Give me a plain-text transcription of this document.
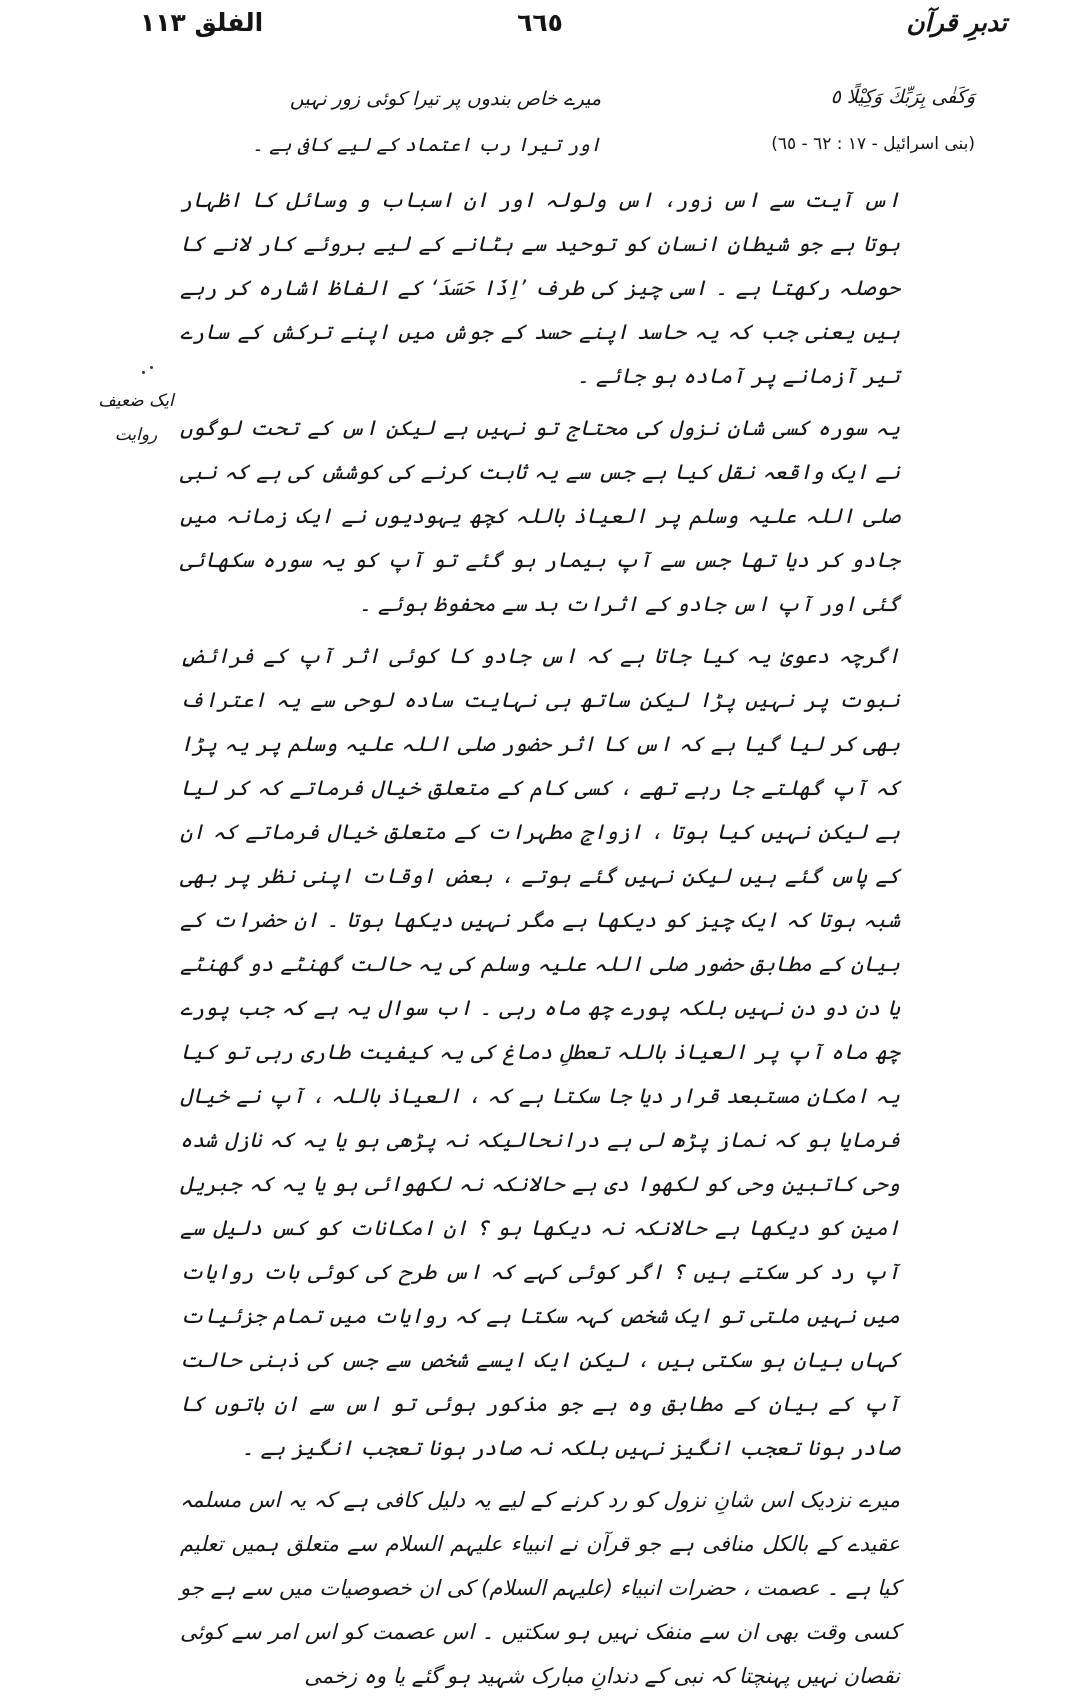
تدبرِ قرآن
٦٦٥
الفلق ١١٣
وَكَفٰى بِرَبِّكَ وَكِيْلًا ٥
(بنی اسرائیل - ١٧ : ٦٢ - ٦٥)
میرے خاص بندوں پر تیرا کوئی زور نہیں
اور تیرا رب اعتماد کے لیے کافی ہے ۔
ایک ضعیف
روایت

اس آیت سے اس زور، اس ولولہ اور ان اسباب و وسائل کا اظہار ہوتا ہے جو شیطانِ انسان کو توحید سے ہٹانے کے لیے بروئے کار لانے کا حوصلہ رکھتا ہے ۔ اسی چیز کی طرف ’اِذَا حَسَدَ‘ کے الفاظ اشارہ کر رہے ہیں یعنی جب کہ یہ حاسد اپنے حسد کے جوش میں اپنے ترکش کے سارے تیر آزمانے پر آمادہ ہو جائے ۔

یہ سورہ کسی شانِ نزول کی محتاج تو نہیں ہے لیکن اس کے تحت لوگوں نے ایک واقعہ نقل کیا ہے جس سے یہ ثابت کرنے کی کوشش کی ہے کہ نبی صلی اللہ علیہ وسلم پر العیاذ باللہ کچھ یہودیوں نے ایک زمانہ میں جادو کر دیا تھا جس سے آپ بیمار ہو گئے تو آپ کو یہ سورہ سکھائی گئی اور آپ اس جادو کے اثرات بد سے محفوظ ہوئے ۔

اگرچہ دعویٰ یہ کیا جاتا ہے کہ اس جادو کا کوئی اثر آپ کے فرائضِ نبوت پر نہیں پڑا لیکن ساتھ ہی نہایت سادہ لوحی سے یہ اعتراف بھی کر لیا گیا ہے کہ اس کا اثر حضور صلی اللہ علیہ وسلم پر یہ پڑا کہ آپ گھلتے جا رہے تھے ، کسی کام کے متعلق خیال فرماتے کہ کر لیا ہے لیکن نہیں کیا ہوتا ، ازواجِ مطہرات کے متعلق خیال فرماتے کہ ان کے پاس گئے ہیں لیکن نہیں گئے ہوتے ، بعض اوقات اپنی نظر پر بھی شبہ ہوتا کہ ایک چیز کو دیکھا ہے مگر نہیں دیکھا ہوتا ۔ ان حضرات کے بیان کے مطابق حضور صلی اللہ علیہ وسلم کی یہ حالت گھنٹے دو گھنٹے یا دن دو دن نہیں بلکہ پورے چھ ماہ رہی ۔ اب سوال یہ ہے کہ جب پورے چھ ماہ آپ پر العیاذ باللہ تعطلِ دماغ کی یہ کیفیت طاری رہی تو کیا یہ امکان مستبعد قرار دیا جا سکتا ہے کہ ، العیاذ باللہ ، آپ نے خیال فرمایا ہو کہ نماز پڑھ لی ہے درانحالیکہ نہ پڑھی ہو یا یہ کہ نازل شدہ وحی کاتبینِ وحی کو لکھوا دی ہے حالانکہ نہ لکھوائی ہو یا یہ کہ جبریل امین کو دیکھا ہے حالانکہ نہ دیکھا ہو ؟ ان امکانات کو کس دلیل سے آپ رد کر سکتے ہیں ؟ اگر کوئی کہے کہ اس طرح کی کوئی بات روایات میں نہیں ملتی تو ایک شخص کہہ سکتا ہے کہ روایات میں تمام جزئیات کہاں بیان ہو سکتی ہیں ، لیکن ایک ایسے شخص سے جس کی ذہنی حالت آپ کے بیان کے مطابق وہ ہے جو مذکور ہوئی تو اس سے ان باتوں کا صادر ہونا تعجب انگیز نہیں بلکہ نہ صادر ہونا تعجب انگیز ہے ۔

میرے نزدیک اس شانِ نزول کو رد کرنے کے لیے یہ دلیل کافی ہے کہ یہ اس مسلمہ عقیدے کے بالکل منافی ہے جو قرآن نے انبیاء علیہم السلام سے متعلق ہمیں تعلیم کیا ہے ۔ عصمت ، حضرات انبیاء (علیہم السلام) کی ان خصوصیات میں سے ہے جو کسی وقت بھی ان سے منفک نہیں ہو سکتیں ۔ اس عصمت کو اس امر سے کوئی نقصان نہیں پہنچتا کہ نبی کے دندانِ مبارک شہید ہو گئے یا وہ زخمی
